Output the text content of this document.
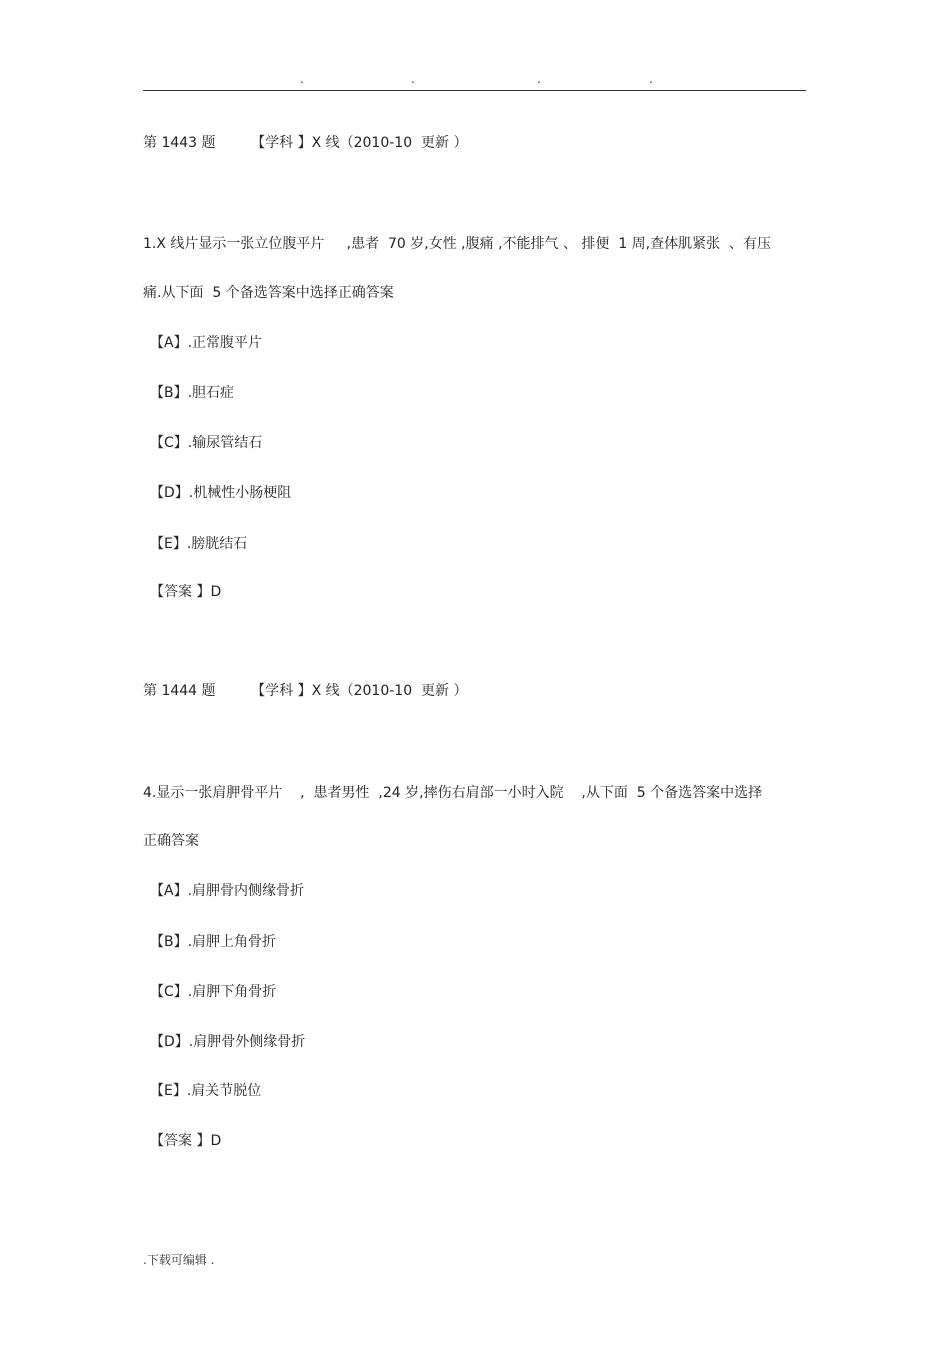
.	.	.	.
第 1443 题        【学科 】X 线（2010-10  更新 ）
1.X 线片显示一张立位腹平片     ,患者  70 岁,女性 ,腹痛 ,不能排气 、 排便  1 周,查体肌紧张  、有压
痛.从下面  5 个备选答案中选择正确答案
【A】.正常腹平片
【B】.胆石症
【C】.输尿管结石
【D】.机械性小肠梗阻
【E】.膀胱结石
【答案 】D
第 1444 题        【学科 】X 线（2010-10  更新 ）
4.显示一张肩胛骨平片    ,  患者男性  ,24 岁,摔伤右肩部一小时入院    ,从下面  5 个备选答案中选择
正确答案
【A】.肩胛骨内侧缘骨折
【B】.肩胛上角骨折
【C】.肩胛下角骨折
【D】.肩胛骨外侧缘骨折
【E】.肩关节脱位
【答案 】D
.下载可编辑 .
